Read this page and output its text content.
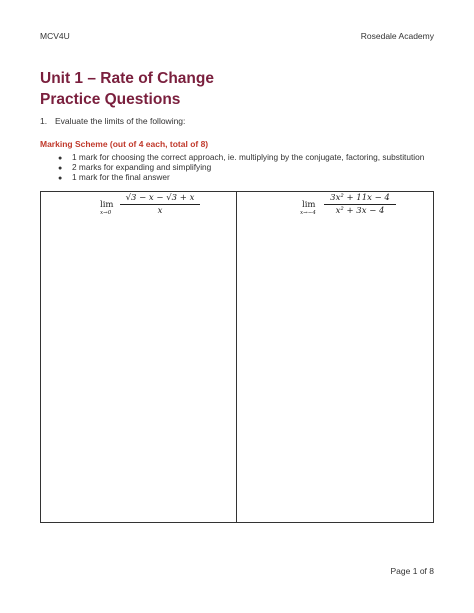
MCV4U	Rosedale Academy
Unit 1 – Rate of Change
Practice Questions
1. Evaluate the limits of the following:
Marking Scheme (out of 4 each, total of 8)
● 1 mark for choosing the correct approach, ie. multiplying by the conjugate, factoring, substitution
● 2 marks for expanding and simplifying
● 1 mark for the final answer
lim
x→0
√3 − x − √3 + x
x
lim
x→−4
3x² + 11x − 4
x² + 3x − 4
Page 1 of 8
